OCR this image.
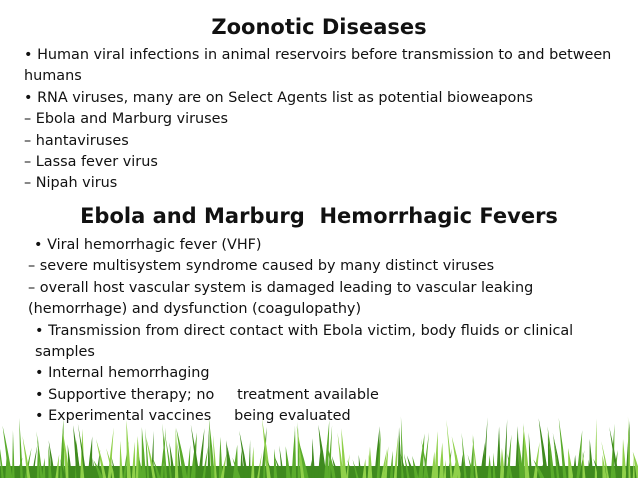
Zoonotic Diseases
• Human viral infections in animal reservoirs before transmission to and between humans
• RNA viruses, many are on Select Agents list as potential bioweapons
– Ebola and Marburg viruses
– hantaviruses
– Lassa fever virus
– Nipah virus
Ebola and Marburg  Hemorrhagic Fevers
• Viral hemorrhagic fever (VHF)
– severe multisystem syndrome caused by many distinct viruses
– overall host vascular system is damaged leading to vascular leaking (hemorrhage) and dysfunction (coagulopathy)
• Transmission from direct contact with Ebola victim, body fluids or clinical samples
• Internal hemorrhaging
• Supportive therapy; no     treatment available
• Experimental vaccines     being evaluated
